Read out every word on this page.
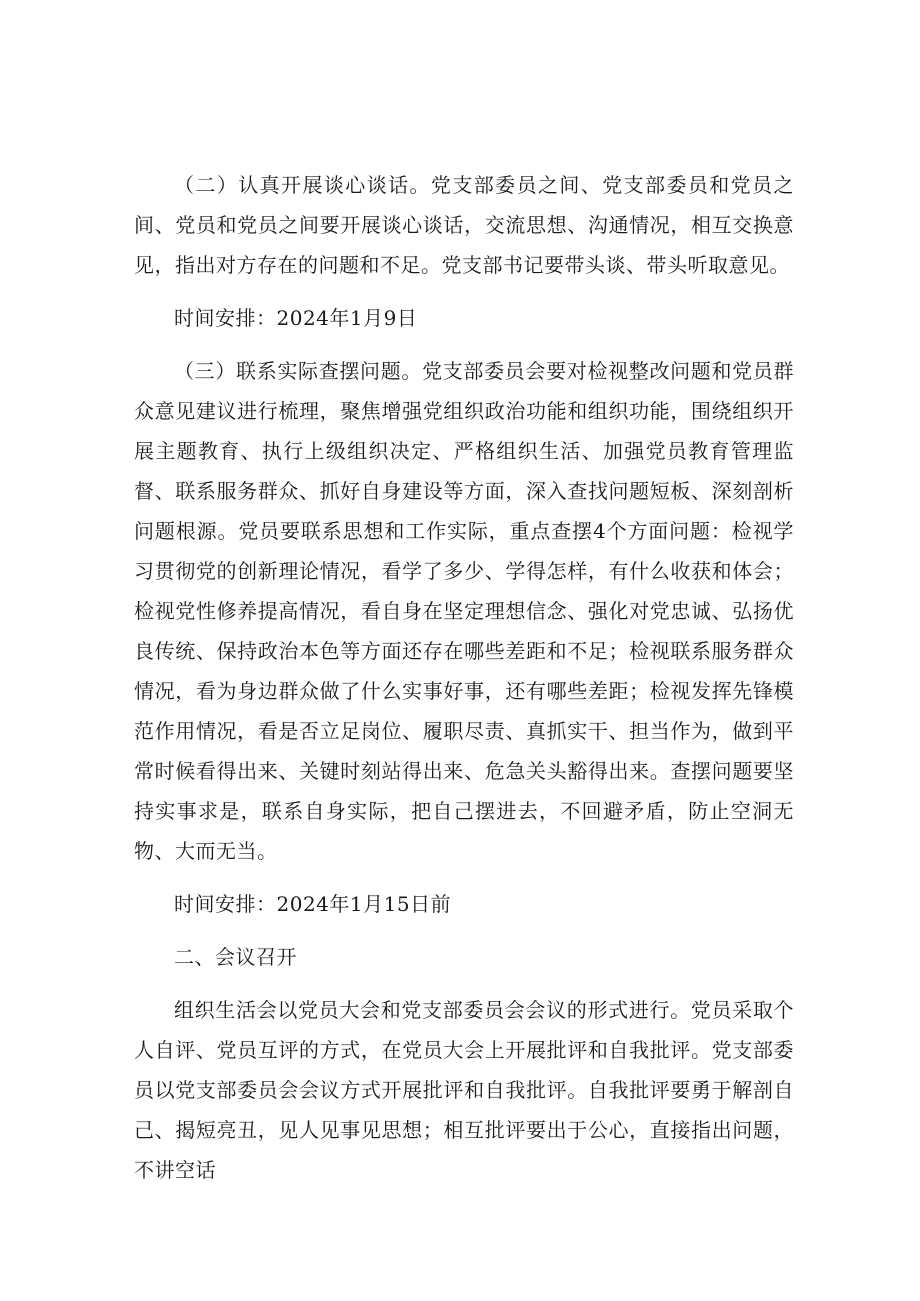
（二）认真开展谈心谈话。党支部委员之间、党支部委员和党员之间、党员和党员之间要开展谈心谈话，交流思想、沟通情况，相互交换意见，指出对方存在的问题和不足。党支部书记要带头谈、带头听取意见。

时间安排：2024年1月9日

（三）联系实际查摆问题。党支部委员会要对检视整改问题和党员群众意见建议进行梳理，聚焦增强党组织政治功能和组织功能，围绕组织开展主题教育、执行上级组织决定、严格组织生活、加强党员教育管理监督、联系服务群众、抓好自身建设等方面，深入查找问题短板、深刻剖析问题根源。党员要联系思想和工作实际，重点查摆4个方面问题：检视学习贯彻党的创新理论情况，看学了多少、学得怎样，有什么收获和体会；检视党性修养提高情况，看自身在坚定理想信念、强化对党忠诚、弘扬优良传统、保持政治本色等方面还存在哪些差距和不足；检视联系服务群众情况，看为身边群众做了什么实事好事，还有哪些差距；检视发挥先锋模范作用情况，看是否立足岗位、履职尽责、真抓实干、担当作为，做到平常时候看得出来、关键时刻站得出来、危急关头豁得出来。查摆问题要坚持实事求是，联系自身实际，把自己摆进去，不回避矛盾，防止空洞无物、大而无当。

时间安排：2024年1月15日前

二、会议召开

组织生活会以党员大会和党支部委员会会议的形式进行。党员采取个人自评、党员互评的方式，在党员大会上开展批评和自我批评。党支部委员以党支部委员会会议方式开展批评和自我批评。自我批评要勇于解剖自己、揭短亮丑，见人见事见思想；相互批评要出于公心，直接指出问题，不讲空话
